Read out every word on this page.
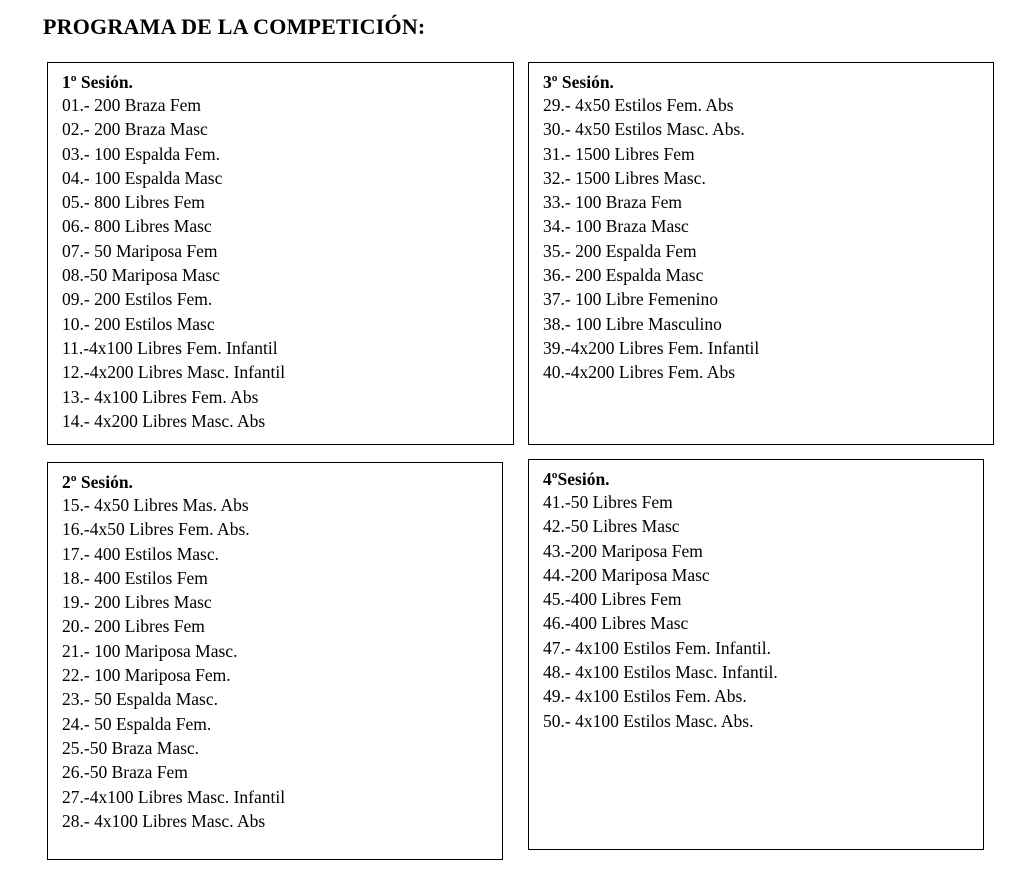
PROGRAMA DE LA COMPETICIÓN:
1º Sesión.
01.- 200 Braza Fem
02.- 200 Braza Masc
03.- 100 Espalda Fem.
04.- 100 Espalda Masc
05.- 800 Libres Fem
06.- 800 Libres Masc
07.- 50 Mariposa Fem
08.-50 Mariposa Masc
09.- 200 Estilos Fem.
10.- 200 Estilos Masc
11.-4x100 Libres Fem. Infantil
12.-4x200 Libres Masc. Infantil
13.- 4x100 Libres Fem. Abs
14.- 4x200 Libres Masc. Abs
3º Sesión.
29.- 4x50 Estilos Fem. Abs
30.- 4x50 Estilos Masc. Abs.
31.- 1500 Libres Fem
32.- 1500 Libres Masc.
33.- 100 Braza Fem
34.- 100 Braza Masc
35.- 200 Espalda Fem
36.- 200 Espalda Masc
37.- 100 Libre Femenino
38.- 100 Libre Masculino
39.-4x200 Libres Fem. Infantil
40.-4x200 Libres Fem. Abs
2º Sesión.
15.- 4x50 Libres Mas. Abs
16.-4x50 Libres Fem. Abs.
17.- 400 Estilos Masc.
18.- 400 Estilos Fem
19.- 200 Libres Masc
20.- 200 Libres Fem
21.- 100 Mariposa Masc.
22.- 100 Mariposa Fem.
23.- 50 Espalda Masc.
24.- 50 Espalda Fem.
25.-50 Braza Masc.
26.-50 Braza Fem
27.-4x100 Libres Masc. Infantil
28.- 4x100 Libres Masc. Abs
4ºSesión.
41.-50 Libres Fem
42.-50 Libres Masc
43.-200 Mariposa Fem
44.-200 Mariposa Masc
45.-400 Libres Fem
46.-400 Libres Masc
47.- 4x100 Estilos Fem. Infantil.
48.- 4x100 Estilos Masc. Infantil.
49.- 4x100 Estilos Fem. Abs.
50.- 4x100 Estilos Masc. Abs.
